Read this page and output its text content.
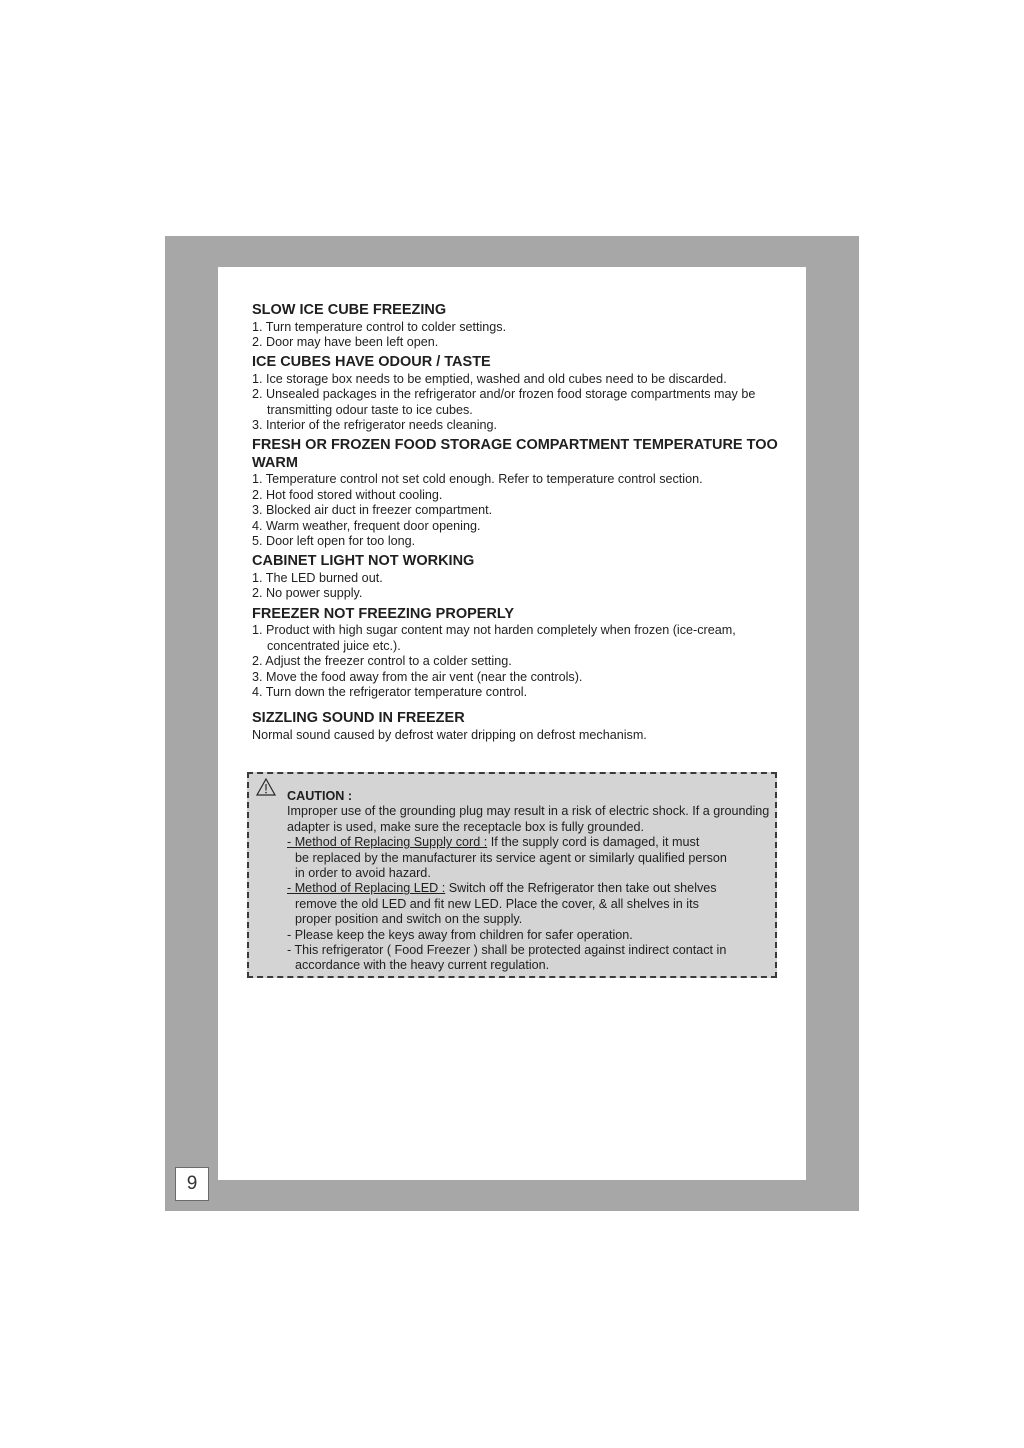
9
SLOW ICE CUBE FREEZING
1. Turn temperature control to colder settings.
2. Door may have been left open.
ICE CUBES HAVE ODOUR / TASTE
1. Ice storage box needs to be emptied, washed and old cubes need to be discarded.
2. Unsealed packages in the refrigerator and/or frozen food storage compartments may be transmitting odour taste to ice cubes.
3. Interior of the refrigerator needs cleaning.
FRESH OR FROZEN FOOD STORAGE COMPARTMENT TEMPERATURE TOO WARM
1. Temperature control not set cold enough. Refer to temperature control section.
2. Hot food stored without cooling.
3. Blocked air duct in freezer compartment.
4. Warm weather, frequent door opening.
5. Door left open for too long.
CABINET LIGHT NOT WORKING
1. The LED burned out.
2. No power supply.
FREEZER NOT FREEZING PROPERLY
1. Product with high sugar content may not harden completely when frozen (ice-cream, concentrated juice etc.).
2. Adjust the freezer control to a colder setting.
3. Move the food away from the air vent (near the controls).
4. Turn down the refrigerator temperature control.
SIZZLING SOUND IN FREEZER

Normal sound caused by defrost water dripping on defrost mechanism.

CAUTION :
Improper use of the grounding plug may result in a risk of electric shock. If a grounding adapter is used, make sure the receptacle box is fully grounded.
- Method of Replacing Supply cord : If the supply cord is damaged, it must
be replaced by the manufacturer its service agent or similarly qualified person
in order to avoid hazard.
- Method of Replacing LED : Switch off the Refrigerator then take out shelves
remove the old LED and fit new LED. Place the cover, & all shelves in its
proper position and switch on the supply.
- Please keep the keys away from children for safer operation.
- This refrigerator ( Food Freezer ) shall be protected against indirect contact in
accordance with the heavy current regulation.
